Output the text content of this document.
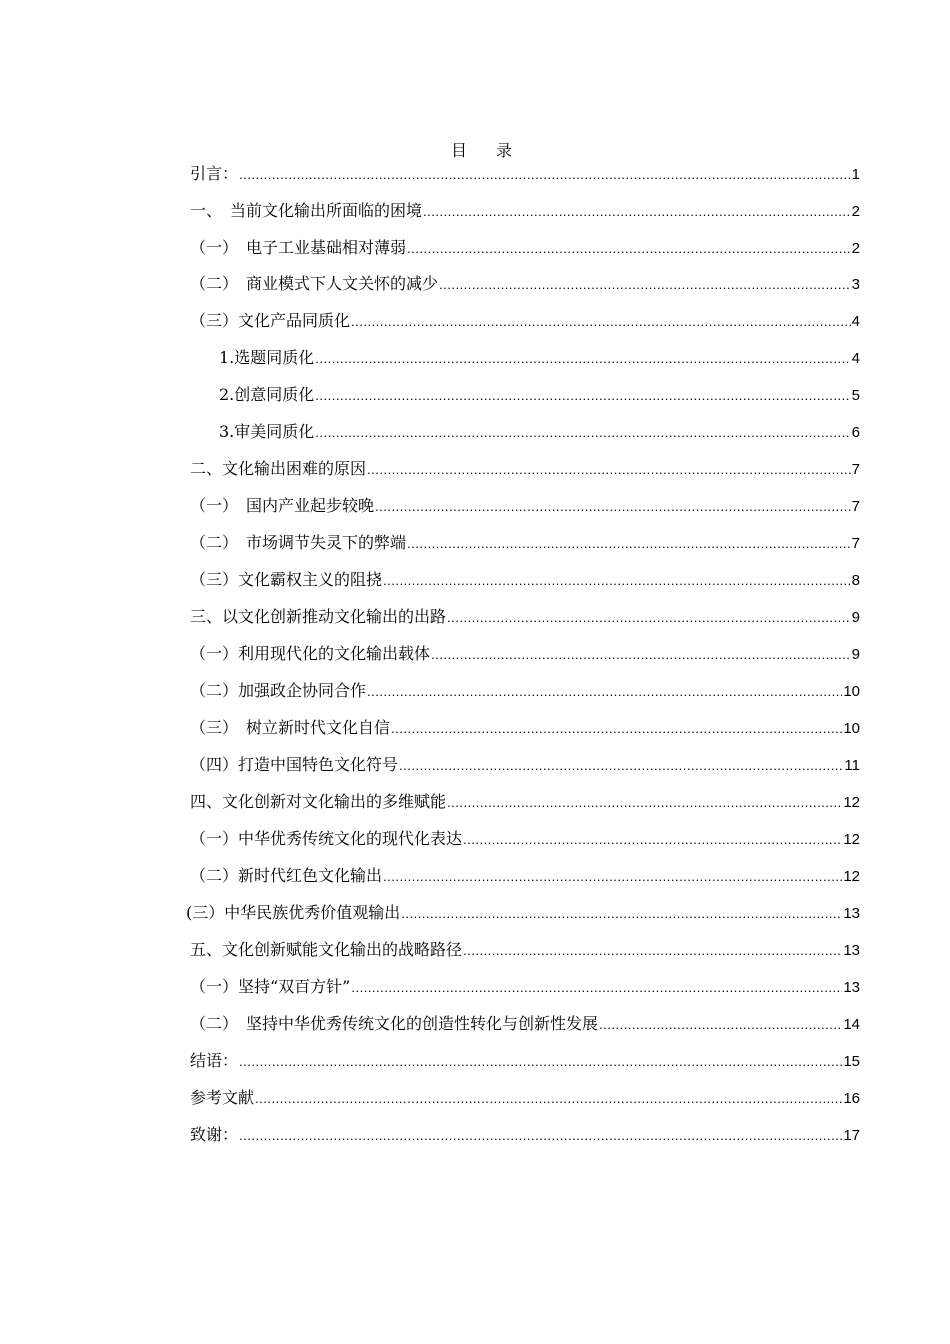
目 录
引言： .....	1
一、　当前文化输出所面临的困境 .....	2
（一）　电子工业基础相对薄弱 .....	2
（二）　商业模式下人文关怀的减少 .....	3
（三）文化产品同质化 .....	4
1.选题同质化 .....	4
2.创意同质化 .....	5
3.审美同质化 .....	6
二、文化输出困难的原因 .....	7
（一）　国内产业起步较晚 .....	7
（二）　市场调节失灵下的弊端 .....	7
（三）文化霸权主义的阻挠 .....	8
三、以文化创新推动文化输出的出路 .....	9
（一）利用现代化的文化输出载体 .....	9
（二）加强政企协同合作 .....	10
（三）　树立新时代文化自信 .....	10
（四）打造中国特色文化符号 .....	11
四、文化创新对文化输出的多维赋能 .....	12
（一）中华优秀传统文化的现代化表达 .....	12
（二）新时代红色文化输出 .....	12
(三）中华民族优秀价值观输出 .....	13
五、文化创新赋能文化输出的战略路径 .....	13
（一）坚持“双百方针” .....	13
（二）　坚持中华优秀传统文化的创造性转化与创新性发展 .....	14
结语： .....	15
参考文献 .....	16
致谢： .....	17
